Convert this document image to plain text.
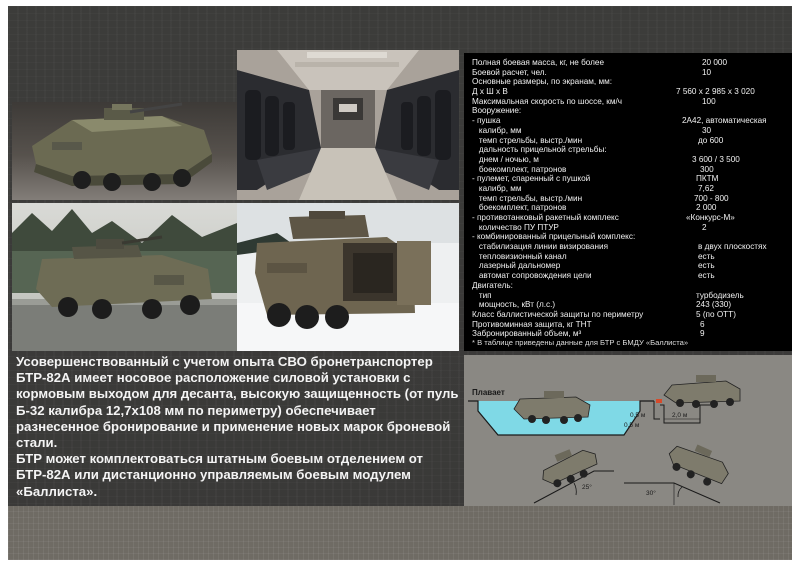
Полная боевая масса, кг, не более	20 000
Боевой расчет, чел.	10
Основные размеры, по экранам, мм:
Д х Ш х В	7 560 х 2 985 х 3 020
Максимальная скорость по шоссе, км/ч	100
Вооружение:
- пушка	2А42, автоматическая
калибр, мм	30
темп стрельбы, выстр./мин	до 600
дальность прицельной стрельбы:
днем / ночью, м	3 600 / 3 500
боекомплект, патронов	300
- пулемет, спаренный с пушкой	ПКТМ
калибр, мм	7,62
темп стрельбы, выстр./мин	700 - 800
боекомплект, патронов	2 000
- противотанковый ракетный комплекс	«Конкурс-М»
количество ПУ ПТУР	2
- комбинированный прицельный комплекс:
стабилизация линии визирования	в двух плоскостях
тепловизионный канал	есть
лазерный дальномер	есть
автомат сопровождения цели	есть
Двигатель:
тип	турбодизель
мощность, кВт (л.с.)	243 (330)
Класс баллистической защиты по периметру	5 (по ОТТ)
Противоминная защита, кг ТНТ	6
Забронированный объем, м³	9
* В таблице приведены данные для БТР с БМДУ «Баллиста»

Усовершенствованный с учетом опыта СВО бронетранспортер БТР-82А имеет носовое расположение силовой установки с кормовым выходом для десанта, высокую защищенность (от пуль Б-32 калибра 12,7х108 мм по периметру) обеспечивает разнесенное бронирование и применение новых марок броневой стали.

БТР может комплектоваться штатным боевым отделением от БТР-82А или дистанционно управляемым боевым модулем «Баллиста».

Плавает
0,5 м	2,0 м
0,5 м
25°
30°
